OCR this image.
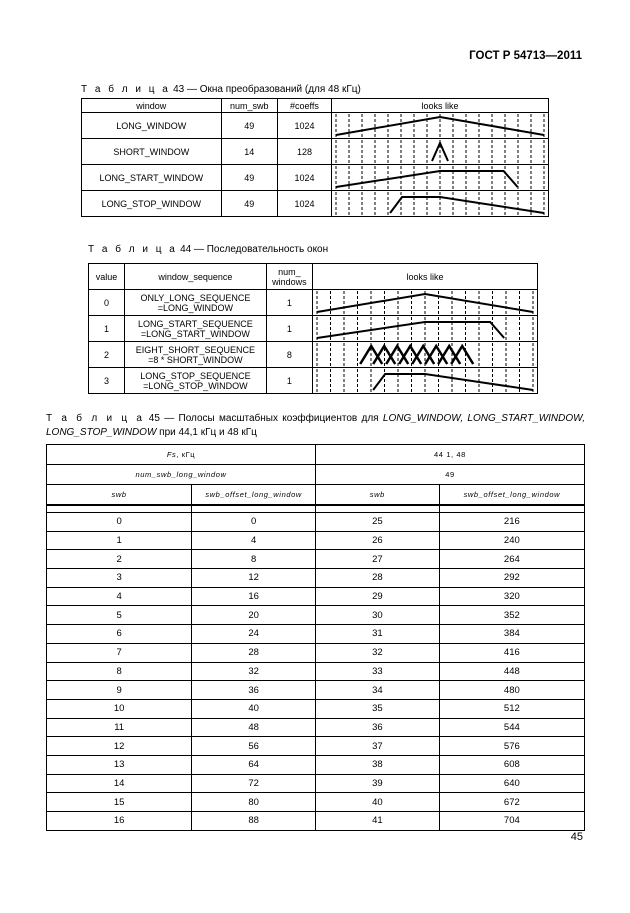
ГОСТ Р 54713—2011
Т а б л и ц а 43 — Окна преобразований (для 48 кГц)
window	num_swb	#coeffs	looks like
LONG_WINDOW	49	1024	

SHORT_WINDOW	14	128	

LONG_START_WINDOW	49	1024	

LONG_STOP_WINDOW	49	1024	
Т а б л и ц а 44 — Последовательность окон
value	window_sequence	num_
windows	looks like
0	ONLY_LONG_SEQUENCE
=LONG_WINDOW	1	

1	LONG_START_SEQUENCE
=LONG_START_WINDOW	1	

2	EIGHT_SHORT_SEQUENCE
=8 * SHORT_WINDOW	8	

3	LONG_STOP_SEQUENCE
=LONG_STOP_WINDOW	1	
Т а б л и ц а 45 — Полосы масштабных коэффициентов для LONG_WINDOW, LONG_START_WINDOW, LONG_STOP_WINDOW при 44,1 кГц и 48 кГц
Fs, кГц		44 1, 48	
num_swb_long_window		49	
swb	swb_offset_long_window	swb	swb_offset_long_window

0	0	25	216
1	4	26	240
2	8	27	264
3	12	28	292
4	16	29	320
5	20	30	352
6	24	31	384
7	28	32	416
8	32	33	448
9	36	34	480
10	40	35	512
11	48	36	544
12	56	37	576
13	64	38	608
14	72	39	640
15	80	40	672
16	88	41	704
45
